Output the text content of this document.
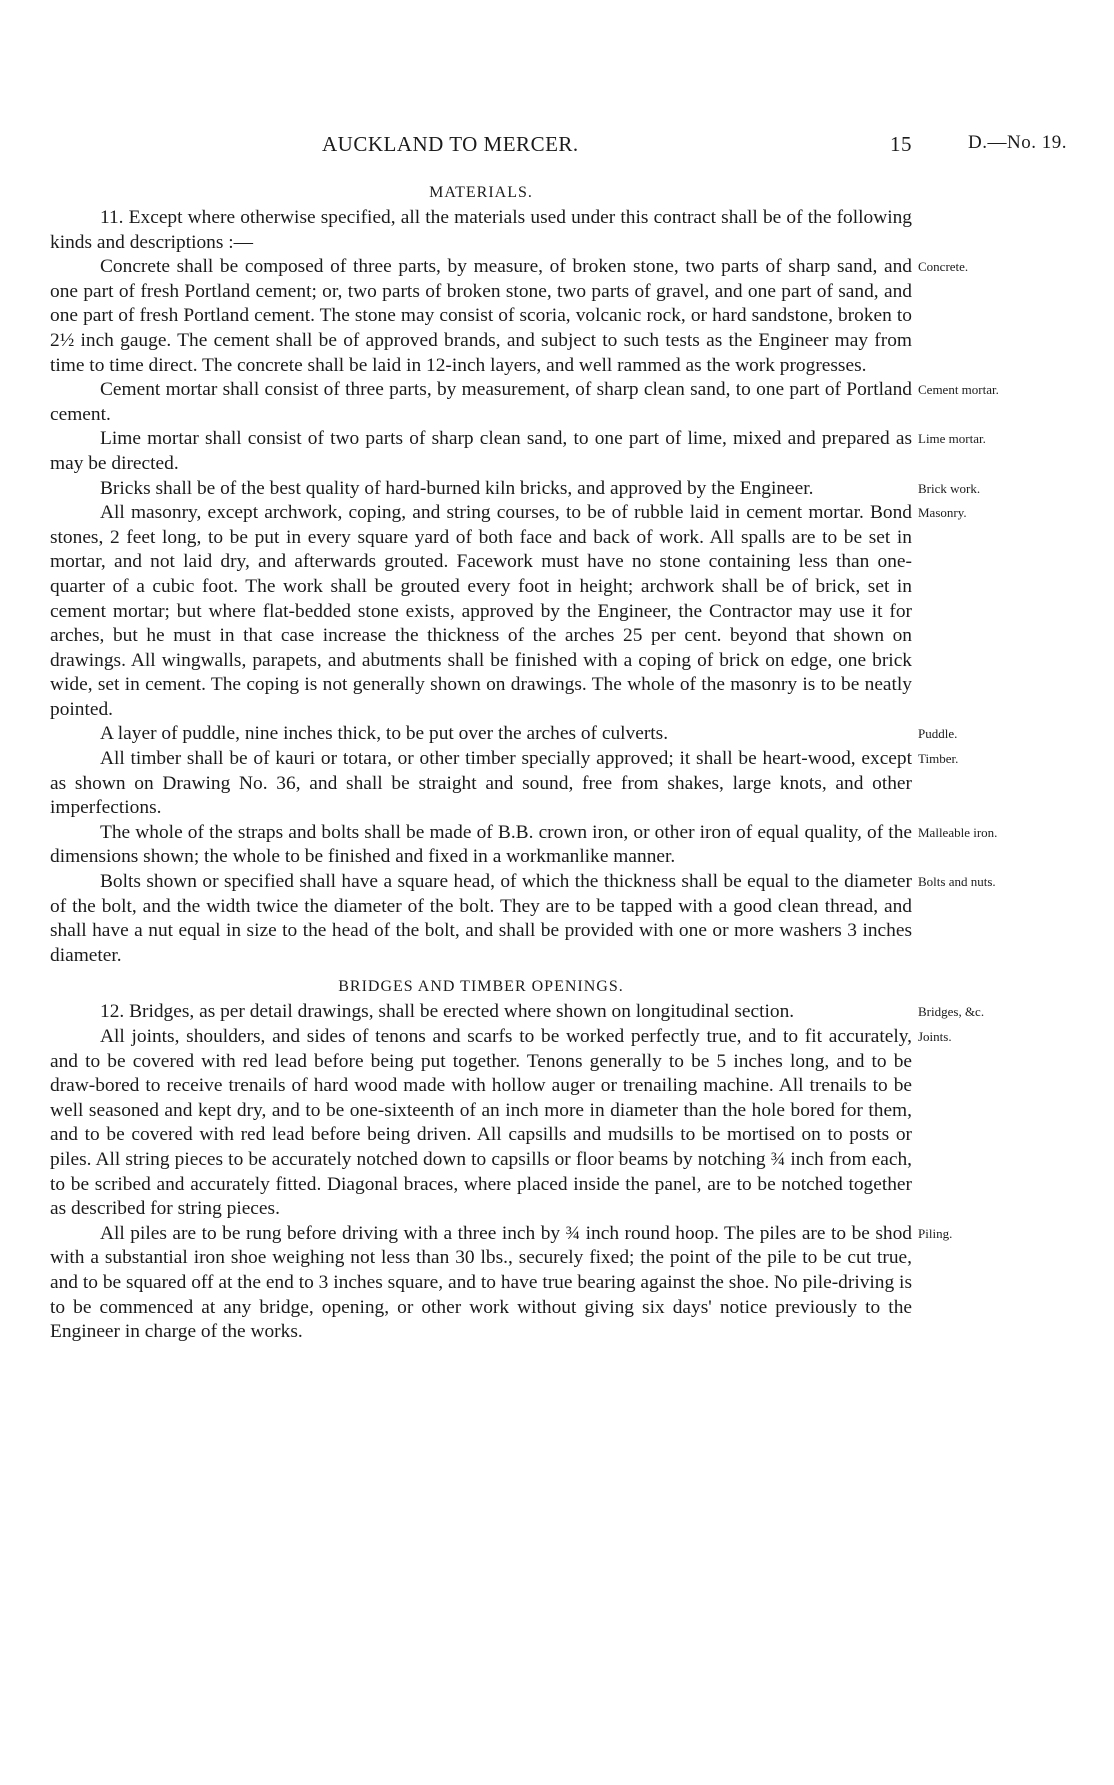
AUCKLAND TO MERCER.	15	D.—No. 19.

MATERIALS.

11. Except where otherwise specified, all the materials used under this contract shall be of the following kinds and descriptions :—
Concrete shall be composed of three parts, by measure, of broken stone, two parts of sharp sand, and one part of fresh Portland cement; or, two parts of broken stone, two parts of gravel, and one part of sand, and one part of fresh Portland cement. The stone may consist of scoria, volcanic rock, or hard sandstone, broken to 2½ inch gauge. The cement shall be of approved brands, and subject to such tests as the Engineer may from time to time direct. The concrete shall be laid in 12-inch layers, and well rammed as the work progresses.
Concrete.
Cement mortar shall consist of three parts, by measurement, of sharp clean sand, to one part of Portland cement.
Cement mortar.
Lime mortar shall consist of two parts of sharp clean sand, to one part of lime, mixed and prepared as may be directed.
Lime mortar.
Bricks shall be of the best quality of hard-burned kiln bricks, and approved by the Engineer.	Brick work.
All masonry, except archwork, coping, and string courses, to be of rubble laid in cement mortar. Bond stones, 2 feet long, to be put in every square yard of both face and back of work. All spalls are to be set in mortar, and not laid dry, and afterwards grouted. Facework must have no stone containing less than one-quarter of a cubic foot. The work shall be grouted every foot in height; archwork shall be of brick, set in cement mortar; but where flat-bedded stone exists, approved by the Engineer, the Contractor may use it for arches, but he must in that case increase the thickness of the arches 25 per cent. beyond that shown on drawings. All wingwalls, parapets, and abutments shall be finished with a coping of brick on edge, one brick wide, set in cement. The coping is not generally shown on drawings. The whole of the masonry is to be neatly pointed.
Masonry.
A layer of puddle, nine inches thick, to be put over the arches of culverts.	Puddle.
All timber shall be of kauri or totara, or other timber specially approved; it shall be heart-wood, except as shown on Drawing No. 36, and shall be straight and sound, free from shakes, large knots, and other imperfections.
Timber.
The whole of the straps and bolts shall be made of B.B. crown iron, or other iron of equal quality, of the dimensions shown; the whole to be finished and fixed in a workmanlike manner.
Malleable iron.
Bolts shown or specified shall have a square head, of which the thickness shall be equal to the diameter of the bolt, and the width twice the diameter of the bolt. They are to be tapped with a good clean thread, and shall have a nut equal in size to the head of the bolt, and shall be provided with one or more washers 3 inches diameter.
Bolts and nuts.

BRIDGES AND TIMBER OPENINGS.

12. Bridges, as per detail drawings, shall be erected where shown on longitudinal section.	Bridges, &c.
All joints, shoulders, and sides of tenons and scarfs to be worked perfectly true, and to fit accurately, and to be covered with red lead before being put together. Tenons generally to be 5 inches long, and to be draw-bored to receive trenails of hard wood made with hollow auger or trenailing machine. All trenails to be well seasoned and kept dry, and to be one-sixteenth of an inch more in diameter than the hole bored for them, and to be covered with red lead before being driven. All capsills and mudsills to be mortised on to posts or piles. All string pieces to be accurately notched down to capsills or floor beams by notching ¾ inch from each, to be scribed and accurately fitted. Diagonal braces, where placed inside the panel, are to be notched together as described for string pieces.
Joints.
All piles are to be rung before driving with a three inch by ¾ inch round hoop. The piles are to be shod with a substantial iron shoe weighing not less than 30 lbs., securely fixed; the point of the pile to be cut true, and to be squared off at the end to 3 inches square, and to have true bearing against the shoe. No pile-driving is to be commenced at any bridge, opening, or other work without giving six days' notice previously to the Engineer in charge of the works.
Piling.
